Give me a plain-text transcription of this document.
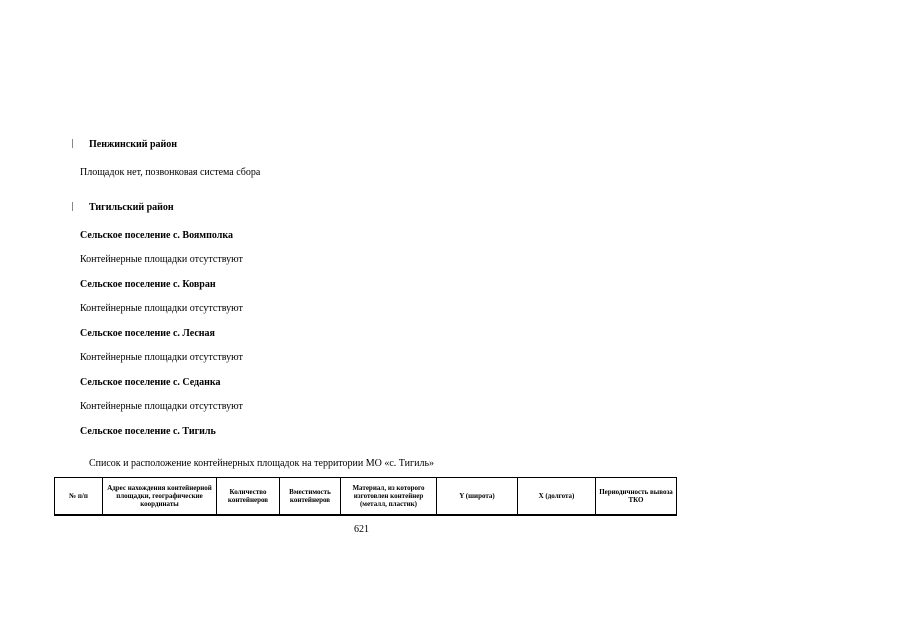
Пенжинский район
Площадок нет, позвонковая система сбора
Тигильский район
Сельское поселение с. Воямполка
Контейнерные площадки отсутствуют
Сельское поселение с. Ковран
Контейнерные площадки отсутствуют
Сельское поселение с. Лесная
Контейнерные площадки отсутствуют
Сельское поселение с. Седанка
Контейнерные площадки отсутствуют
Сельское поселение с. Тигиль
Список и расположение контейнерных площадок на территории МО «с. Тигиль»
№ п/п	Адрес нахождения контейнерной площадки, географические координаты	Количество контейнеров	Вместимость контейнеров	Материал, из которого изготовлен контейнер (металл, пластик)	Y (широта)	X (долгота)	Периодичность вывоза ТКО
621
